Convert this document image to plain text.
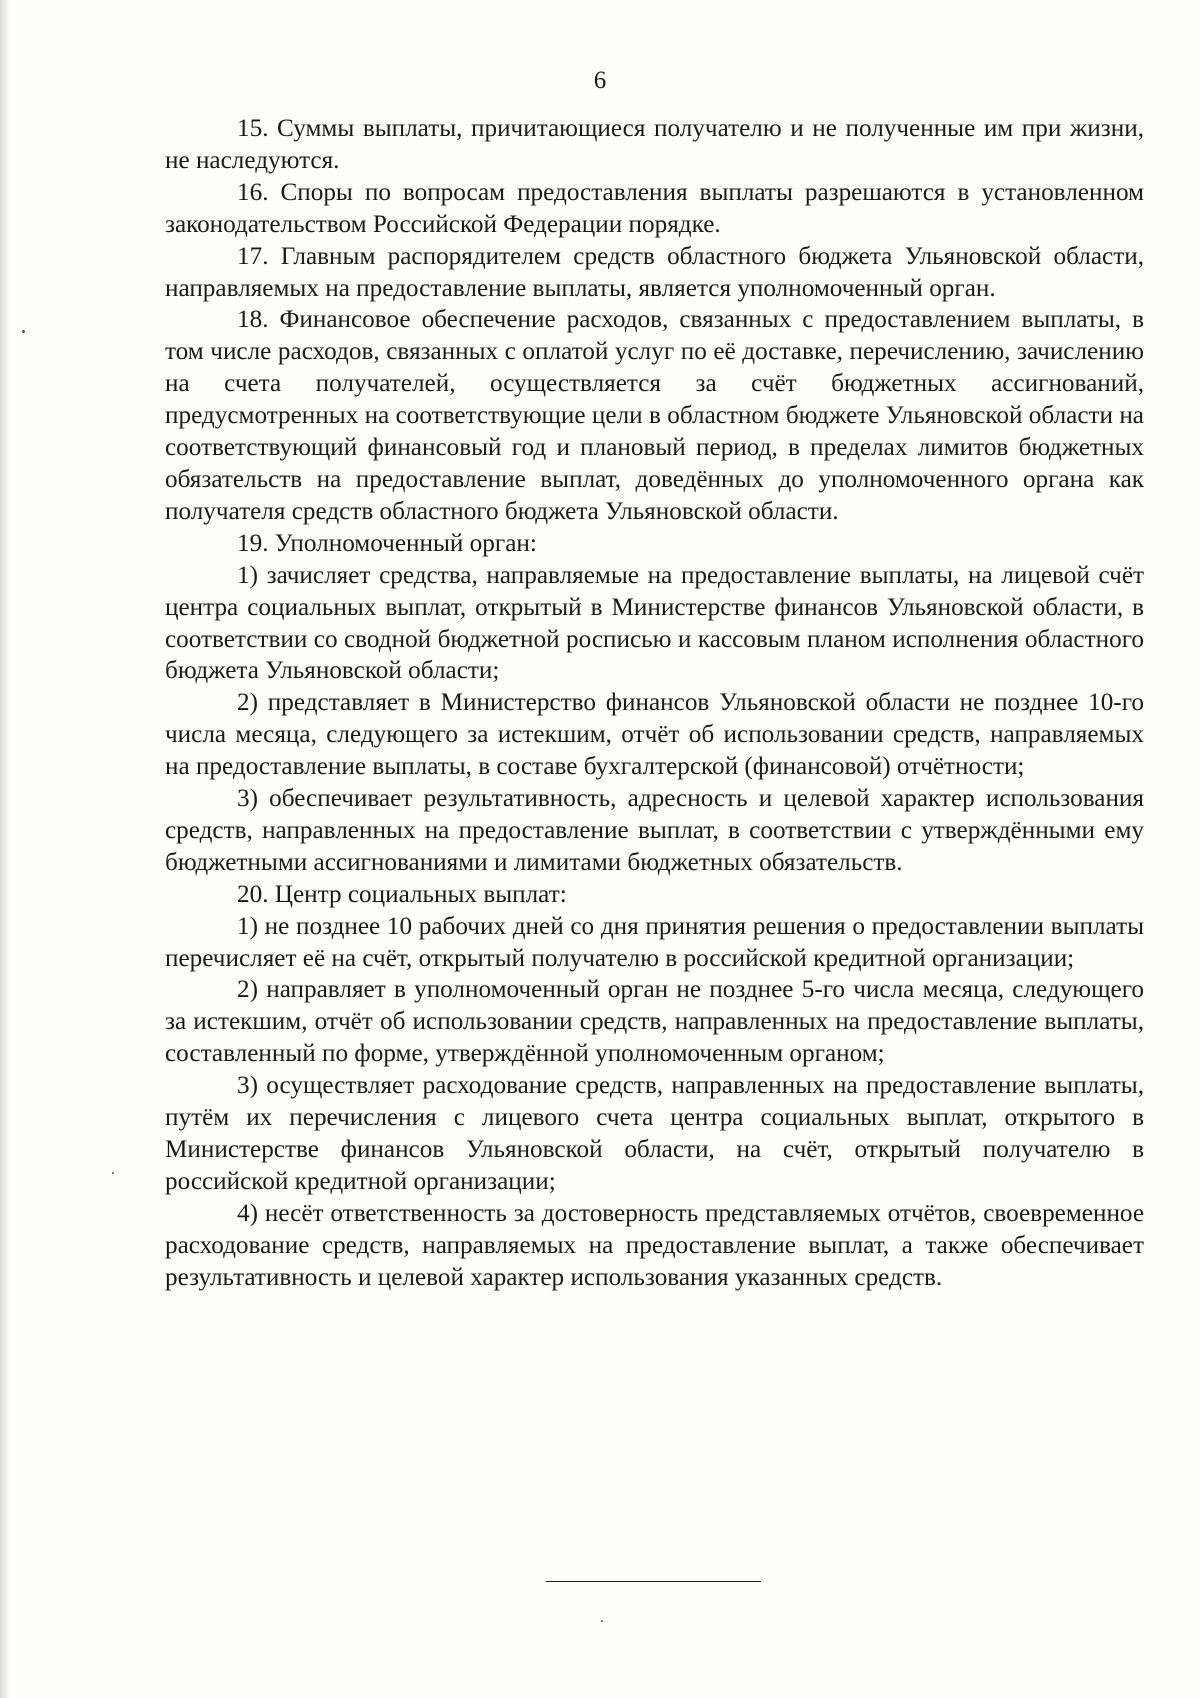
6

15. Суммы выплаты, причитающиеся получателю и не полученные им при жизни, не наследуются.

16. Споры по вопросам предоставления выплаты разрешаются в установленном законодательством Российской Федерации порядке.

17. Главным распорядителем средств областного бюджета Ульяновской области, направляемых на предоставление выплаты, является уполномоченный орган.

18. Финансовое обеспечение расходов, связанных с предоставлением выплаты, в том числе расходов, связанных с оплатой услуг по её доставке, перечислению, зачислению на счета получателей, осуществляется за счёт бюджетных ассигнований, предусмотренных на соответствующие цели в областном бюджете Ульяновской области на соответствующий финансовый год и плановый период, в пределах лимитов бюджетных обязательств на предоставление выплат, доведённых до уполномоченного органа как получателя средств областного бюджета Ульяновской области.

19. Уполномоченный орган:

1) зачисляет средства, направляемые на предоставление выплаты, на лицевой счёт центра социальных выплат, открытый в Министерстве финансов Ульяновской области, в соответствии со сводной бюджетной росписью и кассовым планом исполнения областного бюджета Ульяновской области;

2) представляет в Министерство финансов Ульяновской области не позднее 10-го числа месяца, следующего за истекшим, отчёт об использовании средств, направляемых на предоставление выплаты, в составе бухгалтерской (финансовой) отчётности;

3) обеспечивает результативность, адресность и целевой характер использования средств, направленных на предоставление выплат, в соответствии с утверждёнными ему бюджетными ассигнованиями и лимитами бюджетных обязательств.

20. Центр социальных выплат:

1) не позднее 10 рабочих дней со дня принятия решения о предоставлении выплаты перечисляет её на счёт, открытый получателю в российской кредитной организации;

2) направляет в уполномоченный орган не позднее 5-го числа месяца, следующего за истекшим, отчёт об использовании средств, направленных на предоставление выплаты, составленный по форме, утверждённой уполномоченным органом;

3) осуществляет расходование средств, направленных на предоставление выплаты, путём их перечисления с лицевого счета центра социальных выплат, открытого в Министерстве финансов Ульяновской области, на счёт, открытый получателю в российской кредитной организации;

4) несёт ответственность за достоверность представляемых отчётов, своевременное расходование средств, направляемых на предоставление выплат, а также обеспечивает результативность и целевой характер использования указанных средств.
